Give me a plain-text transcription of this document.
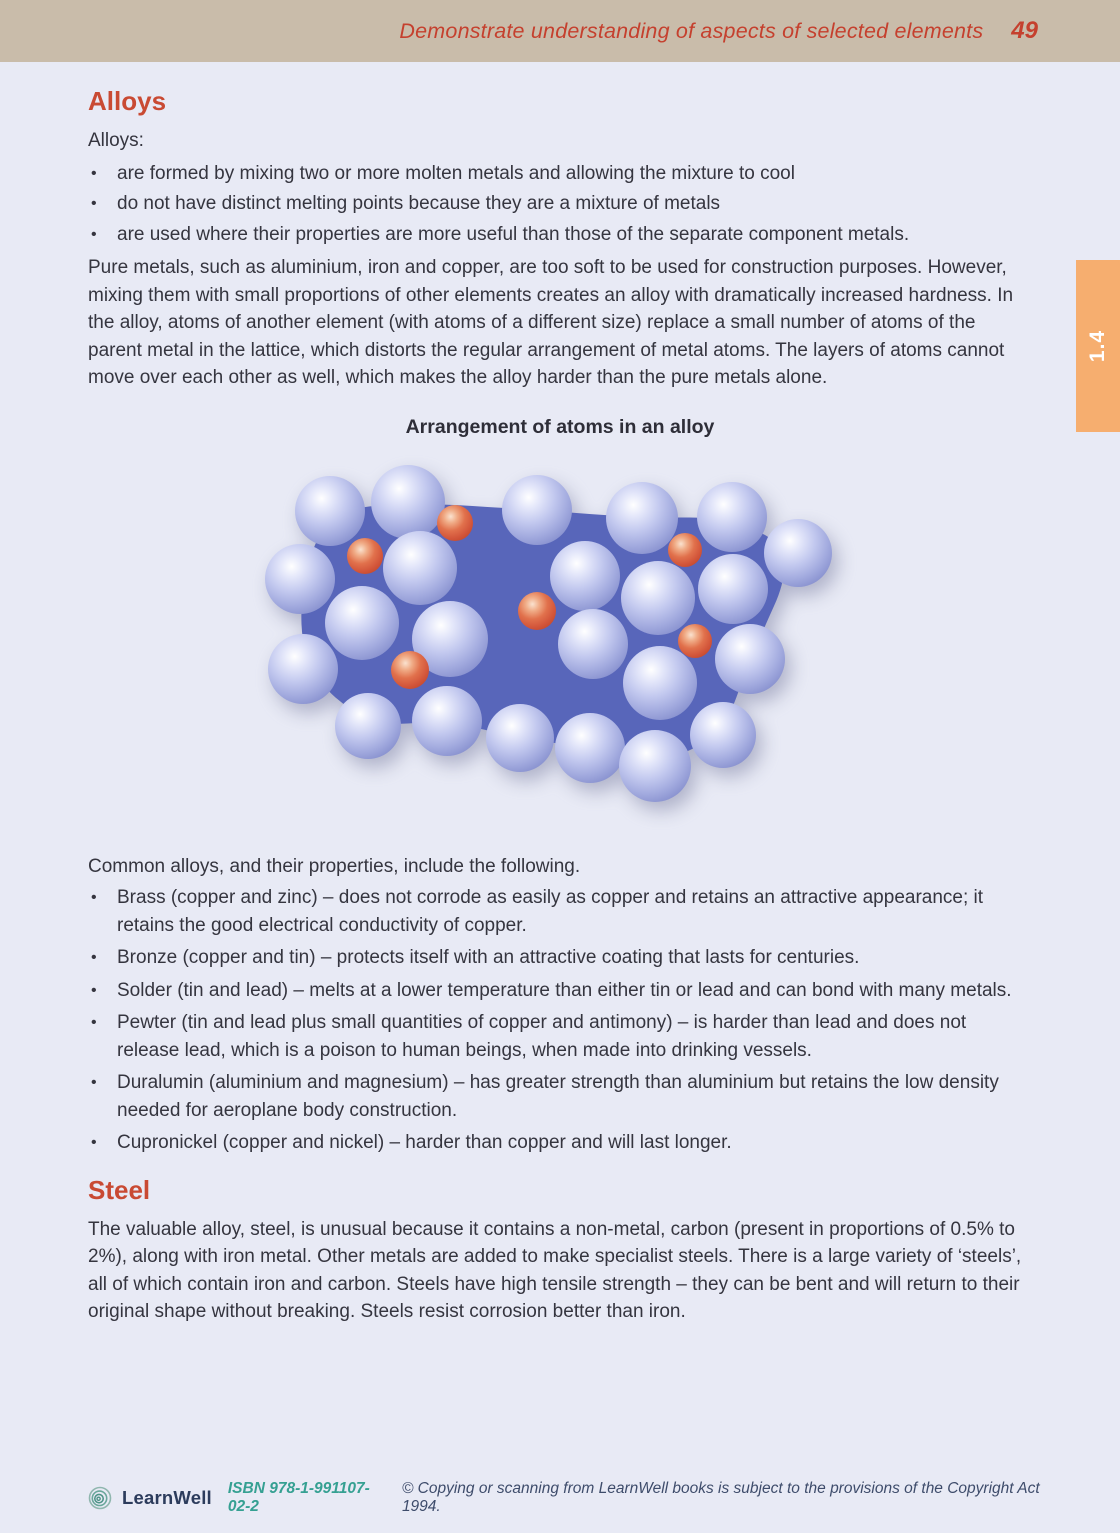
Demonstrate understanding of aspects of selected elements 49
1.4
Alloys

Alloys:

•	are formed by mixing two or more molten metals and allowing the mixture to cool
•	do not have distinct melting points because they are a mixture of metals
•	are used where their properties are more useful than those of the separate component metals.

Pure metals, such as aluminium, iron and copper, are too soft to be used for construction purposes. However, mixing them with small proportions of other elements creates an alloy with dramatically increased hardness. In the alloy, atoms of another element (with atoms of a different size) replace a small number of atoms of the parent metal in the lattice, which distorts the regular arrangement of metal atoms. The layers of atoms cannot move over each other as well, which makes the alloy harder than the pure metals alone.

Arrangement of atoms in an alloy

Common alloys, and their properties, include the following.

•	Brass (copper and zinc) – does not corrode as easily as copper and retains an attractive appearance; it retains the good electrical conductivity of copper.
•	Bronze (copper and tin) – protects itself with an attractive coating that lasts for centuries.
•	Solder (tin and lead) – melts at a lower temperature than either tin or lead and can bond with many metals.
•	Pewter (tin and lead plus small quantities of copper and antimony) – is harder than lead and does not release lead, which is a poison to human beings, when made into drinking vessels.
•	Duralumin (aluminium and magnesium) – has greater strength than aluminium but retains the low density needed for aeroplane body construction.
•	Cupronickel (copper and nickel) – harder than copper and will last longer.
Steel

The valuable alloy, steel, is unusual because it contains a non-metal, carbon (present in proportions of 0.5% to 2%), along with iron metal. Other metals are added to make specialist steels. There is a large variety of ‘steels’, all of which contain iron and carbon. Steels have high tensile strength – they can be bent and will return to their original shape without breaking. Steels resist corrosion better than iron.

LearnWell ISBN 978-1-991107-02-2
© Copying or scanning from LearnWell books is subject to the provisions of the Copyright Act 1994.
